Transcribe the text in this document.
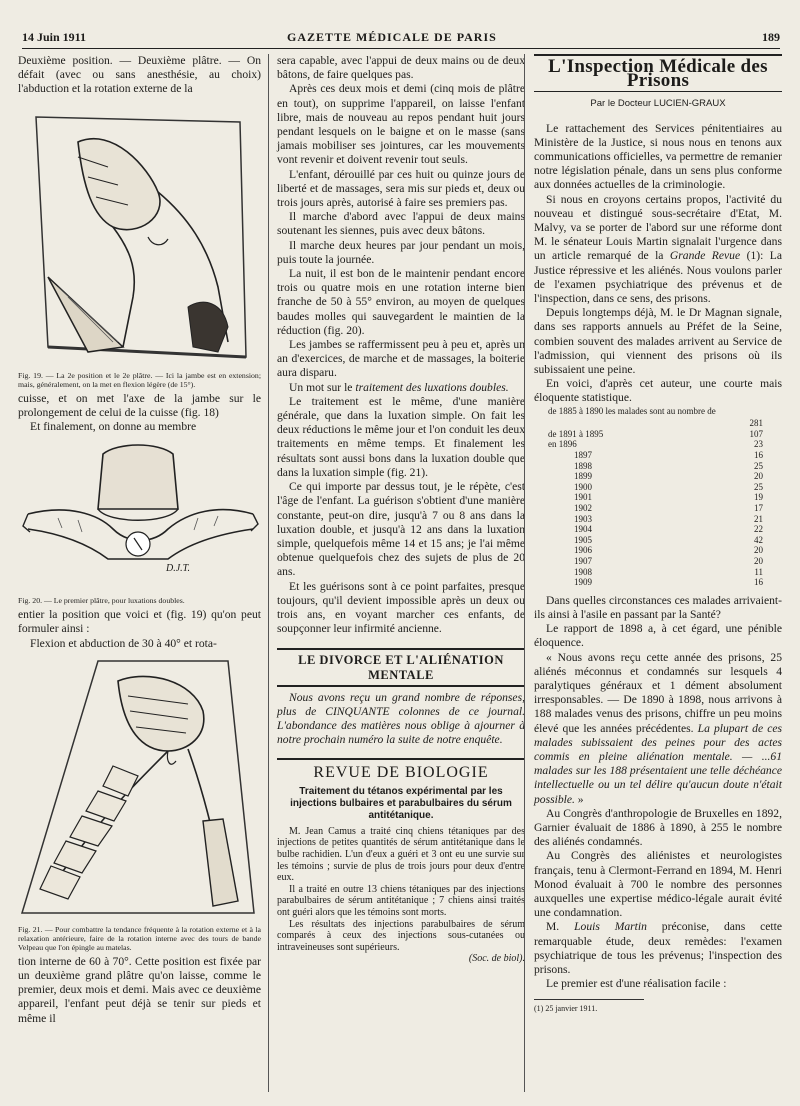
14 Juin 1911	GAZETTE MÉDICALE DE PARIS	189

Deuxième position. — Deuxième plâtre. — On défait (avec ou sans anesthésie, au choix) l'abduction et la rotation externe de la

Fig. 19. — La 2e position et le 2e plâtre. — Ici la jambe est en extension; mais, généralement, on la met en flexion légère (de 15°).

cuisse, et on met l'axe de la jambe sur le prolongement de celui de la cuisse (fig. 18)

Et finalement, on donne au membre

D.J.T.
Fig. 20. — Le premier plâtre, pour luxations doubles.

entier la position que voici et (fig. 19) qu'on peut formuler ainsi :

Flexion et abduction de 30 à 40° et rota-

Fig. 21. — Pour combattre la tendance fréquente à la rotation externe et à la relaxation antérieure, faire de la rotation interne avec des tours de bande Velpeau que l'on épingle au matelas.

tion interne de 60 à 70°. Cette position est fixée par un deuxième grand plâtre qu'on laisse, comme le premier, deux mois et demi. Mais avec ce deuxième appareil, l'enfant peut déjà se tenir sur pieds et même il

sera capable, avec l'appui de deux mains ou de deux bâtons, de faire quelques pas.

Après ces deux mois et demi (cinq mois de plâtre en tout), on supprime l'appareil, on laisse l'enfant libre, mais de nouveau au repos pendant huit jours pendant lesquels on le baigne et on le masse (sans jamais mobiliser ses jointures, car les mouvements vont revenir et doivent revenir tout seuls.

L'enfant, dérouillé par ces huit ou quinze jours de liberté et de massages, sera mis sur pieds et, deux ou trois jours après, autorisé à faire ses premiers pas.

Il marche d'abord avec l'appui de deux mains soutenant les siennes, puis avec deux bâtons.

Il marche deux heures par jour pendant un mois, puis toute la journée.

La nuit, il est bon de le maintenir pendant encore trois ou quatre mois en une rotation interne bien franche de 50 à 55° environ, au moyen de quelques baudes molles qui sauvegardent le maintien de la réduction (fig. 20).

Les jambes se raffermissent peu à peu et, après un an d'exercices, de marche et de massages, la boiterie aura disparu.

Un mot sur le traitement des luxations doubles.

Le traitement est le même, d'une manière générale, que dans la luxation simple. On fait les deux réductions le même jour et l'on conduit les deux traitements en même temps. Et finalement les résultats sont aussi bons dans la luxation double que dans la luxation simple (fig. 21).

Ce qui importe par dessus tout, je le répète, c'est l'âge de l'enfant. La guérison s'obtient d'une manière constante, peut-on dire, jusqu'à 7 ou 8 ans dans la luxation double, et jusqu'à 12 ans dans la luxation simple, quelquefois même 14 et 15 ans; je l'ai même obtenue quelquefois chez des sujets de plus de 20 ans.

Et les guérisons sont à ce point parfaites, presque toujours, qu'il devient impossible après un deux ou trois ans, en voyant marcher ces enfants, de soupçonner leur infirmité ancienne.

LE DIVORCE ET L'ALIÉNATION MENTALE

Nous avons reçu un grand nombre de réponses, plus de CINQUANTE colonnes de ce journal. L'abondance des matières nous oblige à ajourner à notre prochain numéro la suite de notre enquête.

REVUE DE BIOLOGIE
Traitement du tétanos expérimental par les injections bulbaires et parabulbaires du sérum antitétanique.

M. Jean Camus a traité cinq chiens tétaniques par des injections de petites quantités de sérum antitétanique dans le bulbe rachidien. L'un d'eux a guéri et 3 ont eu une survie sur les témoins ; survie de plus de trois jours pour deux d'entre eux.

Il a traité en outre 13 chiens tétaniques par des injections parabulbaires de sérum antitétanique ; 7 chiens ainsi traités ont guéri alors que les témoins sont morts.

Les résultats des injections parabulbaires de sérum comparés à ceux des injections sous-cutanées ou intraveineuses sont supérieurs.

(Soc. de biol).

L'Inspection Médicale des Prisons
Par le Docteur LUCIEN-GRAUX

Le rattachement des Services pénitentiaires au Ministère de la Justice, si nous nous en tenons aux communications officielles, va permettre de remanier notre législation pénale, dans un sens plus conforme aux données actuelles de la criminologie.

Si nous en croyons certains propos, l'activité du nouveau et distingué sous-secrétaire d'Etat, M. Malvy, va se porter de l'abord sur une réforme dont M. le sénateur Louis Martin signalait l'urgence dans un article remarqué de la Grande Revue (1): La Justice répressive et les aliénés. Nous voulons parler de l'examen psychiatrique des prévenus et de l'inspection, dans ce sens, des prisons.

Depuis longtemps déjà, M. le Dr Magnan signale, dans ses rapports annuels au Préfet de la Seine, combien souvent des malades arrivent au Service de l'admission, qui viennent des prisons où ils subissaient une peine.

En voici, d'après cet auteur, une courte mais éloquente statistique.

de 1885 à 1890 les malades sont au nombre de
	281
de 1891 à 1895	107
en 1896	23
1897	16
1898	25
1899	20
1900	25
1901	19
1902	17
1903	21
1904	22
1905	42
1906	20
1907	20
1908	11
1909	16

Dans quelles circonstances ces malades arrivaient-ils ainsi à l'asile en passant par la Santé?

Le rapport de 1898 a, à cet égard, une pénible éloquence.

« Nous avons reçu cette année des prisons, 25 aliénés méconnus et condamnés sur lesquels 4 paralytiques généraux et 1 dément absolument irresponsables. — De 1890 à 1898, nous arrivons à 188 malades venus des prisons, chiffre un peu moins élevé que les années précédentes. La plupart de ces malades subissaient des peines pour des actes commis en pleine aliénation mentale. — ...61 malades sur les 188 présentaient une telle déchéance intellectuelle ou un tel délire qu'aucun doute n'était possible. »

Au Congrès d'anthropologie de Bruxelles en 1892, Garnier évaluait de 1886 à 1890, à 255 le nombre des aliénés condamnés.

Au Congrès des aliénistes et neurologistes français, tenu à Clermont-Ferrand en 1894, M. Henri Monod évaluait à 700 le nombre des personnes auxquelles une expertise médico-légale aurait évité une condamnation.

M. Louis Martin préconise, dans cette remarquable étude, deux remèdes: l'examen psychiatrique de tous les prévenus; l'inspection des prisons.

Le premier est d'une réalisation facile :

(1) 25 janvier 1911.
